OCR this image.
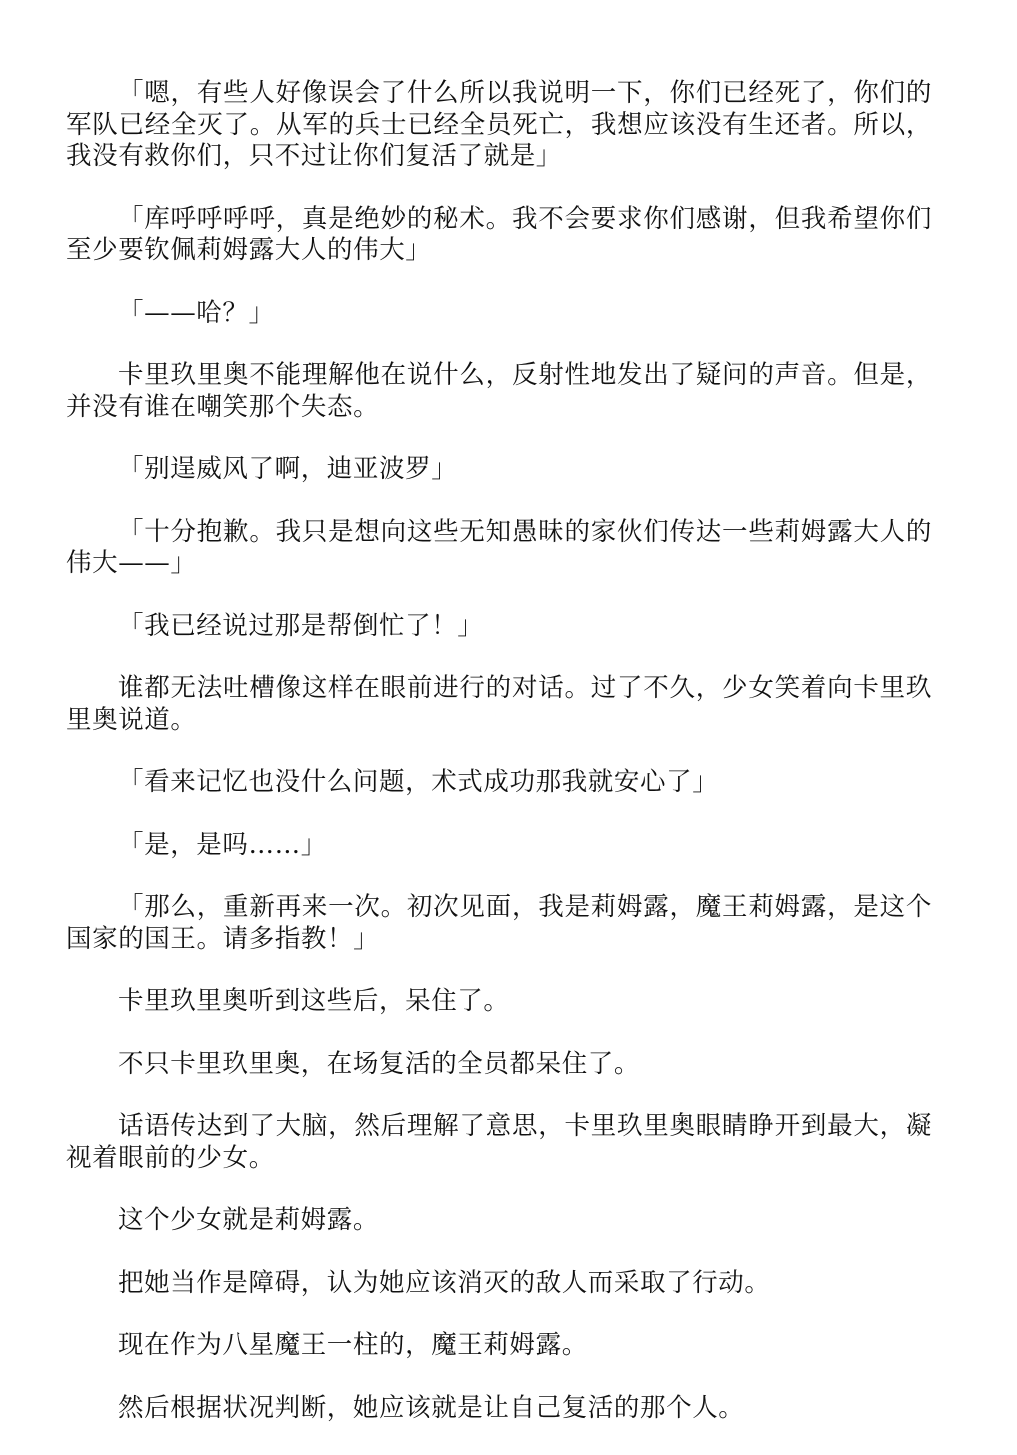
「嗯，有些人好像误会了什么所以我说明一下，你们已经死了，你们的军队已经全灭了。从军的兵士已经全员死亡，我想应该没有生还者。所以，我没有救你们，只不过让你们复活了就是」

「库呼呼呼呼，真是绝妙的秘术。我不会要求你们感谢，但我希望你们至少要钦佩莉姆露大人的伟大」

「——哈？」

卡里玖里奥不能理解他在说什么，反射性地发出了疑问的声音。但是，并没有谁在嘲笑那个失态。

「别逞威风了啊，迪亚波罗」

「十分抱歉。我只是想向这些无知愚昧的家伙们传达一些莉姆露大人的伟大——」

「我已经说过那是帮倒忙了！」

谁都无法吐槽像这样在眼前进行的对话。过了不久，少女笑着向卡里玖里奥说道。

「看来记忆也没什么问题，术式成功那我就安心了」

「是，是吗……」

「那么，重新再来一次。初次见面，我是莉姆露，魔王莉姆露，是这个国家的国王。请多指教！」

卡里玖里奥听到这些后，呆住了。

不只卡里玖里奥，在场复活的全员都呆住了。

话语传达到了大脑，然后理解了意思，卡里玖里奥眼睛睁开到最大，凝视着眼前的少女。

这个少女就是莉姆露。

把她当作是障碍，认为她应该消灭的敌人而采取了行动。

现在作为八星魔王一柱的，魔王莉姆露。

然后根据状况判断，她应该就是让自己复活的那个人。
